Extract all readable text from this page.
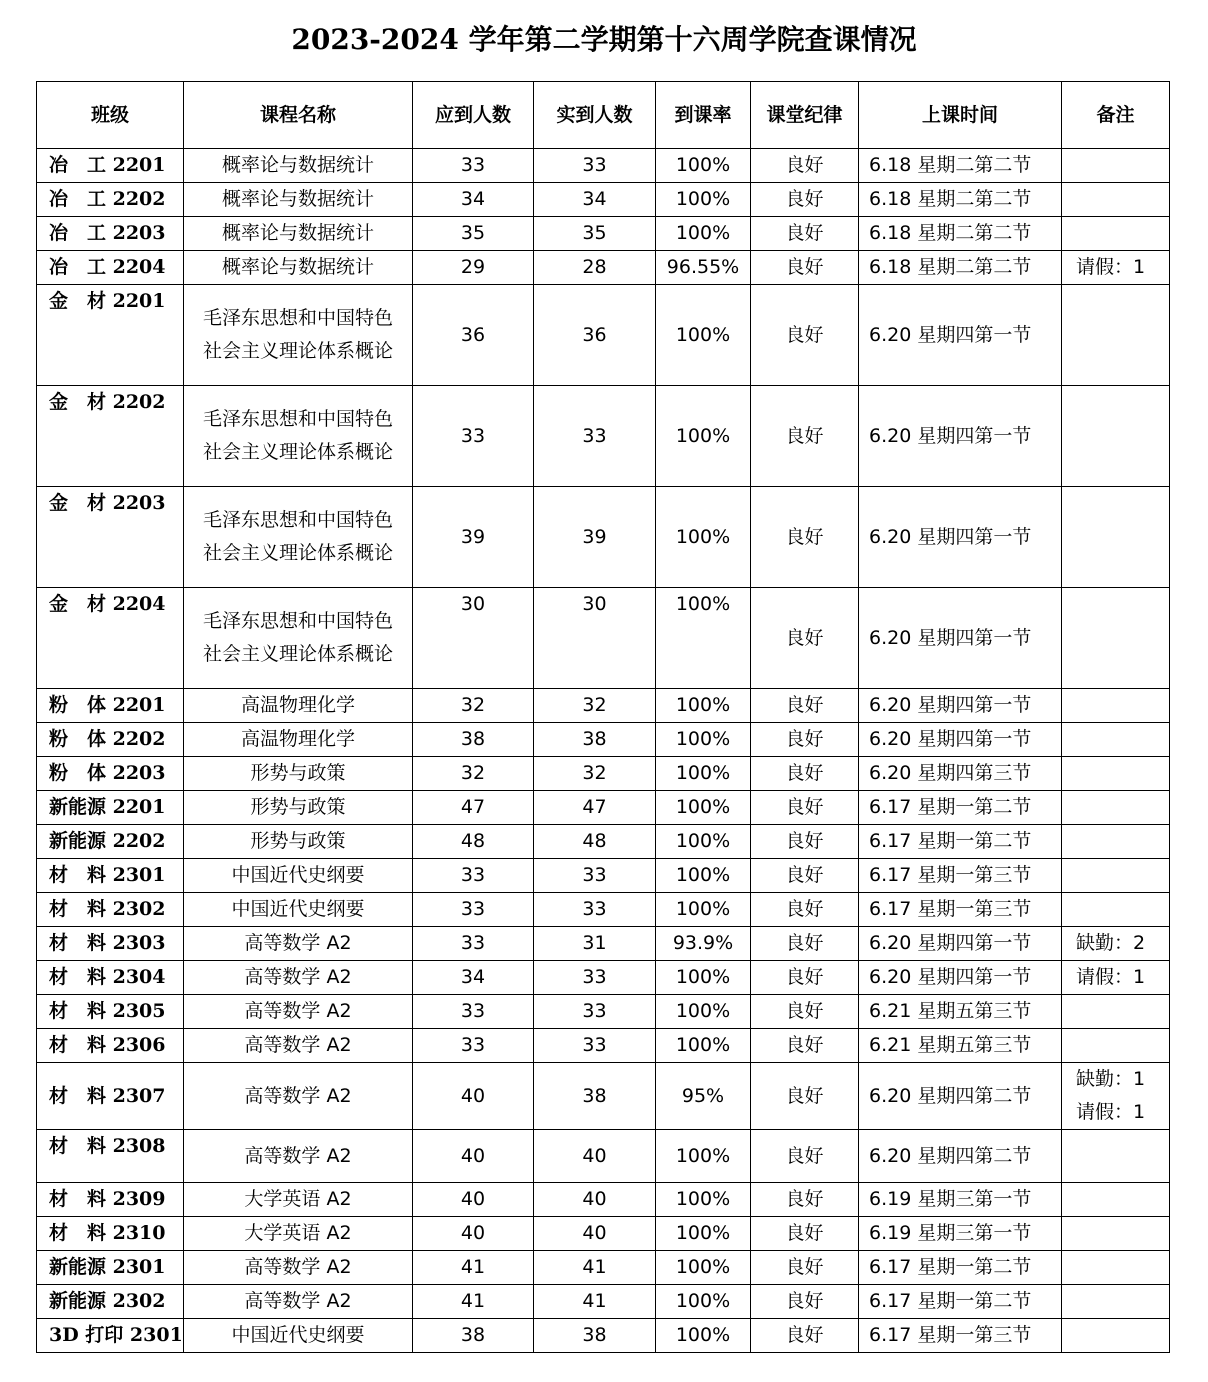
2023-2024 学年第二学期第十六周学院查课情况
班级	课程名称	应到人数	实到人数	到课率	课堂纪律	上课时间	备注
冶　工 2201	概率论与数据统计	33	33	100%	良好	6.18 星期二第二节	
冶　工 2202	概率论与数据统计	34	34	100%	良好	6.18 星期二第二节	
冶　工 2203	概率论与数据统计	35	35	100%	良好	6.18 星期二第二节	
冶　工 2204	概率论与数据统计	29	28	96.55%	良好	6.18 星期二第二节	请假：1
金　材 2201	毛泽东思想和中国特色社会主义理论体系概论	36	36	100%	良好	6.20 星期四第一节	
金　材 2202	毛泽东思想和中国特色社会主义理论体系概论	33	33	100%	良好	6.20 星期四第一节	
金　材 2203	毛泽东思想和中国特色社会主义理论体系概论	39	39	100%	良好	6.20 星期四第一节	
金　材 2204	毛泽东思想和中国特色社会主义理论体系概论	30	30	100%	良好	6.20 星期四第一节	
粉　体 2201	高温物理化学	32	32	100%	良好	6.20 星期四第一节	
粉　体 2202	高温物理化学	38	38	100%	良好	6.20 星期四第一节	
粉　体 2203	形势与政策	32	32	100%	良好	6.20 星期四第三节	
新能源 2201	形势与政策	47	47	100%	良好	6.17 星期一第二节	
新能源 2202	形势与政策	48	48	100%	良好	6.17 星期一第二节	
材　料 2301	中国近代史纲要	33	33	100%	良好	6.17 星期一第三节	
材　料 2302	中国近代史纲要	33	33	100%	良好	6.17 星期一第三节	
材　料 2303	高等数学 A2	33	31	93.9%	良好	6.20 星期四第一节	缺勤：2
材　料 2304	高等数学 A2	34	33	100%	良好	6.20 星期四第一节	请假：1
材　料 2305	高等数学 A2	33	33	100%	良好	6.21 星期五第三节	
材　料 2306	高等数学 A2	33	33	100%	良好	6.21 星期五第三节	
材　料 2307	高等数学 A2	40	38	95%	良好	6.20 星期四第二节	缺勤：1
请假：1
材　料 2308	高等数学 A2	40	40	100%	良好	6.20 星期四第二节	
材　料 2309	大学英语 A2	40	40	100%	良好	6.19 星期三第一节	
材　料 2310	大学英语 A2	40	40	100%	良好	6.19 星期三第一节	
新能源 2301	高等数学 A2	41	41	100%	良好	6.17 星期一第二节	
新能源 2302	高等数学 A2	41	41	100%	良好	6.17 星期一第二节	
3D 打印 2301	中国近代史纲要	38	38	100%	良好	6.17 星期一第三节	
